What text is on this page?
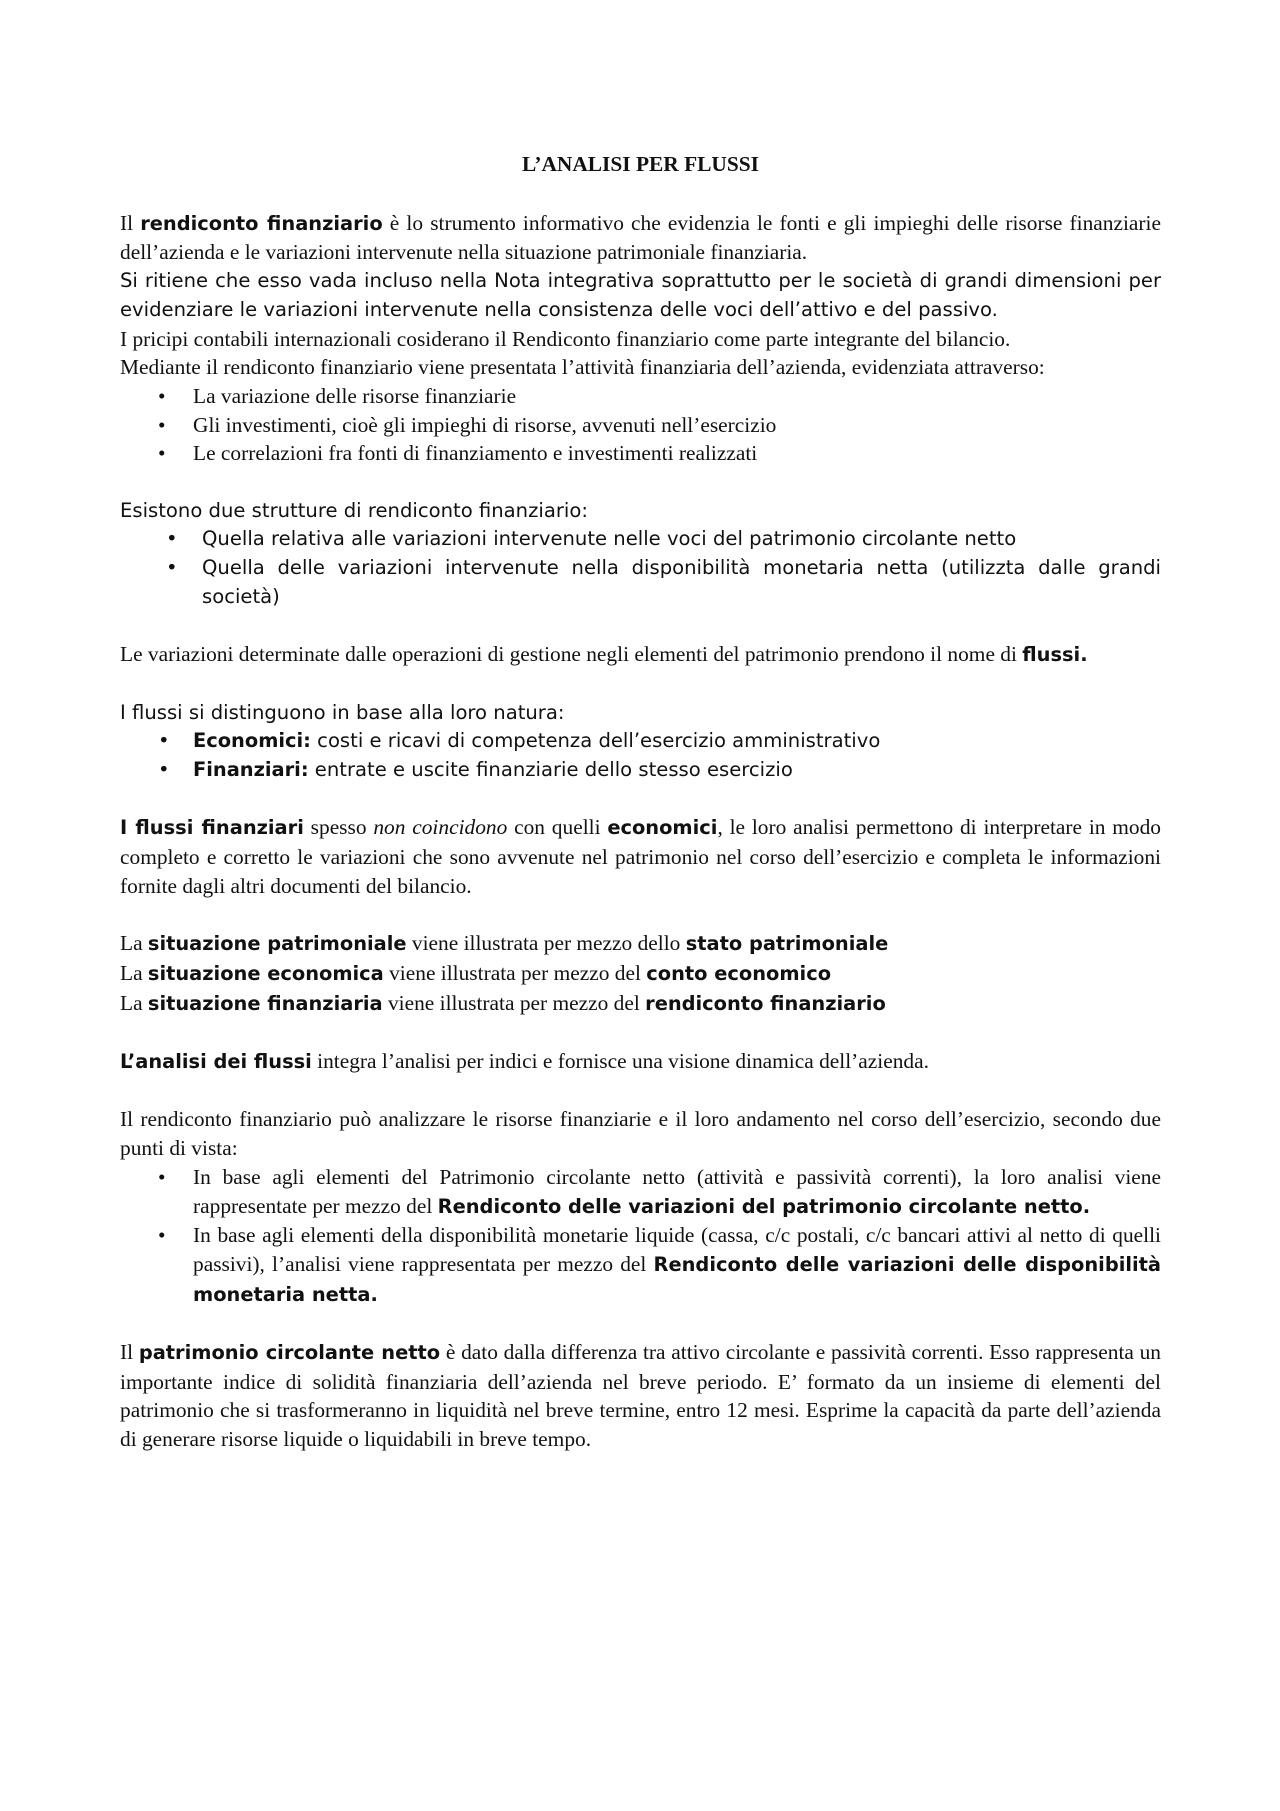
L’ANALISI PER FLUSSI

Il rendiconto finanziario è lo strumento informativo che evidenzia le fonti e gli impieghi delle risorse finanziarie dell’azienda e le variazioni intervenute nella situazione patrimoniale finanziaria.

Si ritiene che esso vada incluso nella Nota integrativa soprattutto per le società di grandi dimensioni per evidenziare le variazioni intervenute nella consistenza delle voci dell’attivo e del passivo.

I pricipi contabili internazionali cosiderano il Rendiconto finanziario come parte integrante del bilancio.

Mediante il rendiconto finanziario viene presentata l’attività finanziaria dell’azienda, evidenziata attraverso:

• La variazione delle risorse finanziarie
• Gli investimenti, cioè gli impieghi di risorse, avvenuti nell’esercizio
• Le correlazioni fra fonti di finanziamento e investimenti realizzati

Esistono due strutture di rendiconto finanziario:

• Quella relativa alle variazioni intervenute nelle voci del patrimonio circolante netto
• Quella delle variazioni intervenute nella disponibilità monetaria netta (utilizzta dalle grandi società)

Le variazioni determinate dalle operazioni di gestione negli elementi del patrimonio prendono il nome di flussi.

I flussi si distinguono in base alla loro natura:

• Economici: costi e ricavi di competenza dell’esercizio amministrativo
• Finanziari: entrate e uscite finanziarie dello stesso esercizio

I flussi finanziari spesso non coincidono con quelli economici, le loro analisi permettono di interpretare in modo completo e corretto le variazioni che sono avvenute nel patrimonio nel corso dell’esercizio e completa le informazioni fornite dagli altri documenti del bilancio.

La situazione patrimoniale viene illustrata per mezzo dello stato patrimoniale

La situazione economica viene illustrata per mezzo del conto economico

La situazione finanziaria viene illustrata per mezzo del rendiconto finanziario

L’analisi dei flussi integra l’analisi per indici e fornisce una visione dinamica dell’azienda.

Il rendiconto finanziario può analizzare le risorse finanziarie e il loro andamento nel corso dell’esercizio, secondo due punti di vista:

• In base agli elementi del Patrimonio circolante netto (attività e passività correnti), la loro analisi viene rappresentate per mezzo del Rendiconto delle variazioni del patrimonio circolante netto.
• In base agli elementi della disponibilità monetarie liquide (cassa, c/c postali, c/c bancari attivi al netto di quelli passivi), l’analisi viene rappresentata per mezzo del Rendiconto delle variazioni delle disponibilità monetaria netta.

Il patrimonio circolante netto è dato dalla differenza tra attivo circolante e passività correnti. Esso rappresenta un importante indice di solidità finanziaria dell’azienda nel breve periodo. E’ formato da un insieme di elementi del patrimonio che si trasformeranno in liquidità nel breve termine, entro 12 mesi. Esprime la capacità da parte dell’azienda di generare risorse liquide o liquidabili in breve tempo.
